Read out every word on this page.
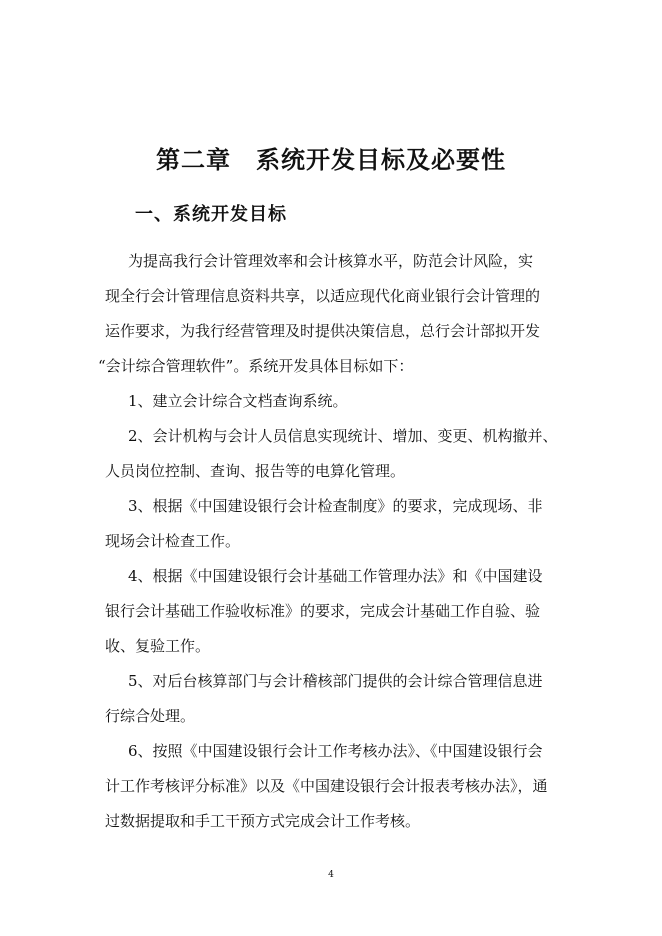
第二章　系统开发目标及必要性
一、系统开发目标
为提高我行会计管理效率和会计核算水平，防范会计风险，实
现全行会计管理信息资料共享，以适应现代化商业银行会计管理的
运作要求，为我行经营管理及时提供决策信息，总行会计部拟开发
“会计综合管理软件”。系统开发具体目标如下：
1、建立会计综合文档查询系统。
2、会计机构与会计人员信息实现统计、增加、变更、机构撤并、
人员岗位控制、查询、报告等的电算化管理。
3、根据《中国建设银行会计检查制度》的要求，完成现场、非
现场会计检查工作。
4、根据《中国建设银行会计基础工作管理办法》和《中国建设
银行会计基础工作验收标准》的要求，完成会计基础工作自验、验
收、复验工作。
5、对后台核算部门与会计稽核部门提供的会计综合管理信息进
行综合处理。
6、按照《中国建设银行会计工作考核办法》、《中国建设银行会
计工作考核评分标准》以及《中国建设银行会计报表考核办法》，通
过数据提取和手工干预方式完成会计工作考核。
4
